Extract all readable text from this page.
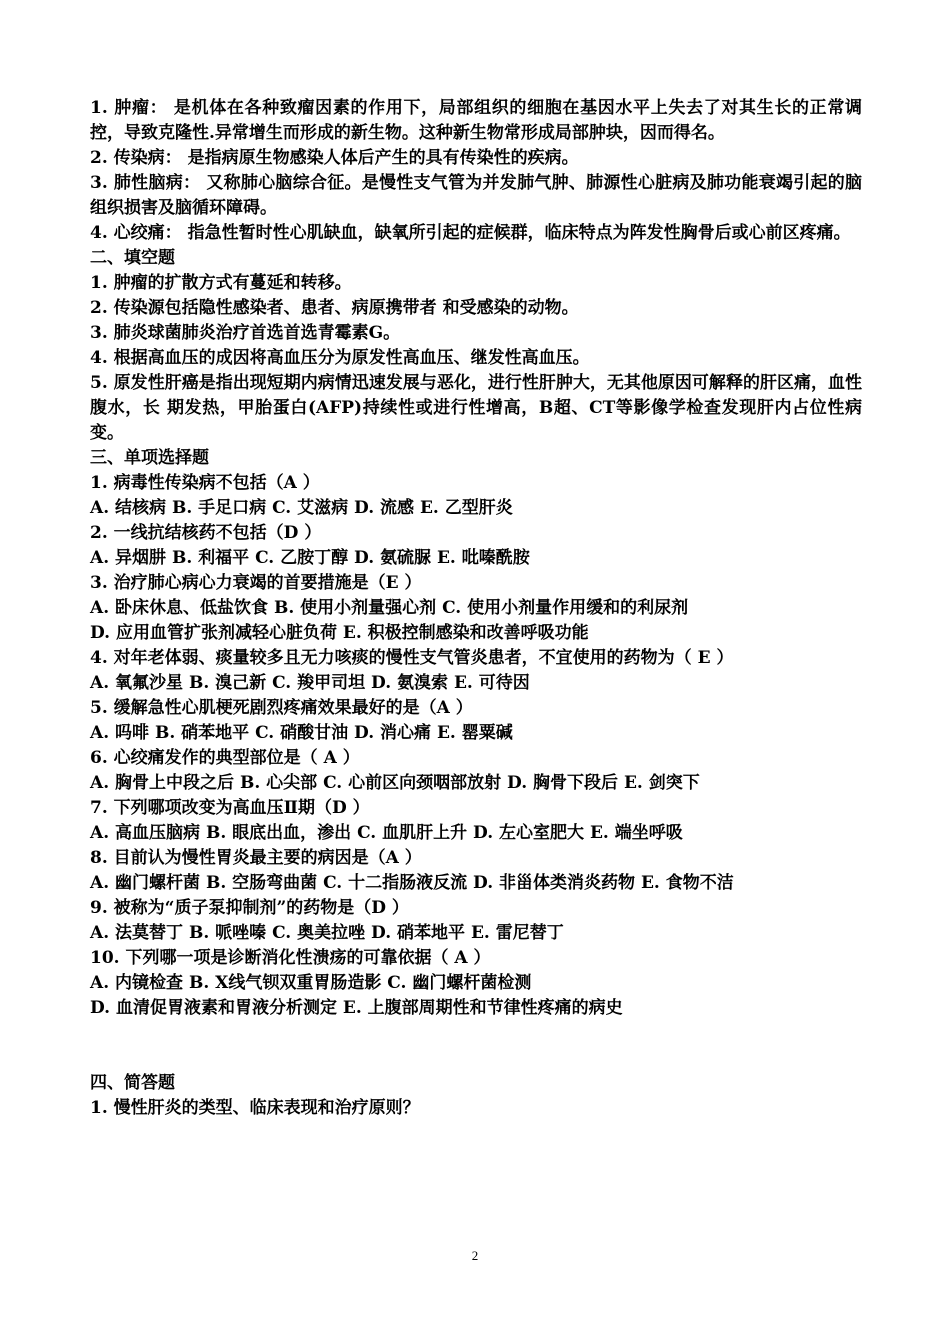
1. 肿瘤： 是机体在各种致瘤因素的作用下，局部组织的细胞在基因水平上失去了对其生长的正常调控，导致克隆性.异常增生而形成的新生物。这种新生物常形成局部肿块，因而得名。

2. 传染病： 是指病原生物感染人体后产生的具有传染性的疾病。

3. 肺性脑病： 又称肺心脑综合征。是慢性支气管为并发肺气肿、肺源性心脏病及肺功能衰竭引起的脑组织损害及脑循环障碍。

4. 心绞痛： 指急性暂时性心肌缺血，缺氧所引起的症候群，临床特点为阵发性胸骨后或心前区疼痛。

二、填空题

1. 肿瘤的扩散方式有蔓延和转移。

2. 传染源包括隐性感染者、患者、病原携带者 和受感染的动物。

3. 肺炎球菌肺炎治疗首选首选青霉素G。

4. 根据高血压的成因将高血压分为原发性高血压、继发性高血压。

5. 原发性肝癌是指出现短期内病情迅速发展与恶化，进行性肝肿大，无其他原因可解释的肝区痛，血性腹水，长 期发热，甲胎蛋白(AFP)持续性或进行性增高，B超、CT等影像学检查发现肝内占位性病变。

三、单项选择题

1. 病毒性传染病不包括（A ）

A. 结核病 B. 手足口病 C. 艾滋病 D. 流感 E. 乙型肝炎

2. 一线抗结核药不包括（D ）

A. 异烟肼 B. 利福平 C. 乙胺丁醇 D. 氨硫脲 E. 吡嗪酰胺

3. 治疗肺心病心力衰竭的首要措施是（E ）

A. 卧床休息、低盐饮食 B. 使用小剂量强心剂 C. 使用小剂量作用缓和的利尿剂

D. 应用血管扩张剂减轻心脏负荷 E. 积极控制感染和改善呼吸功能

4. 对年老体弱、痰量较多且无力咳痰的慢性支气管炎患者，不宜使用的药物为（ E ）

A. 氧氟沙星 B. 溴己新 C. 羧甲司坦 D. 氨溴索 E. 可待因

5. 缓解急性心肌梗死剧烈疼痛效果最好的是（A ）

A. 吗啡 B. 硝苯地平 C. 硝酸甘油 D. 消心痛 E. 罂粟碱

6. 心绞痛发作的典型部位是（ A ）

A. 胸骨上中段之后 B. 心尖部 C. 心前区向颈咽部放射 D. 胸骨下段后 E. 剑突下

7. 下列哪项改变为高血压Ⅱ期（D ）

A. 高血压脑病 B. 眼底出血，渗出 C. 血肌肝上升 D. 左心室肥大 E. 端坐呼吸

8. 目前认为慢性胃炎最主要的病因是（A ）

A. 幽门螺杆菌 B. 空肠弯曲菌 C. 十二指肠液反流 D. 非甾体类消炎药物 E. 食物不洁

9. 被称为“质子泵抑制剂”的药物是（D ）

A. 法莫替丁 B. 哌唑嗪 C. 奥美拉唑 D. 硝苯地平 E. 雷尼替丁

10. 下列哪一项是诊断消化性溃疡的可靠依据（ A ）

A. 内镜检查 B. X线气钡双重胃肠造影 C. 幽门螺杆菌检测

D. 血清促胃液素和胃液分析测定 E. 上腹部周期性和节律性疼痛的病史

四、简答题

1. 慢性肝炎的类型、临床表现和治疗原则？

2
